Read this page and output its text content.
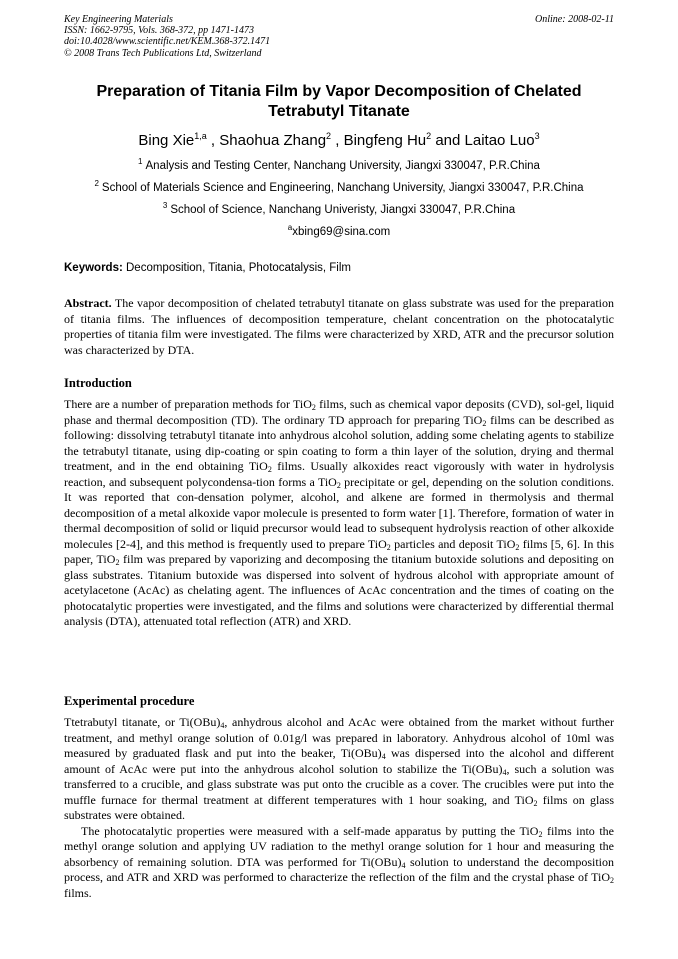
Key Engineering Materials
ISSN: 1662-9795, Vols. 368-372, pp 1471-1473
doi:10.4028/www.scientific.net/KEM.368-372.1471
© 2008 Trans Tech Publications Ltd, Switzerland
Online: 2008-02-11
Preparation of Titania Film by Vapor Decomposition of Chelated Tetrabutyl Titanate
Bing Xie$^{1,a}$ , Shaohua Zhang$^2$ , Bingfeng Hu$^2$ and Laitao Luo$^3$
$^1$ Analysis and Testing Center, Nanchang University, Jiangxi 330047, P.R.China
$^2$ School of Materials Science and Engineering, Nanchang University, Jiangxi 330047, P.R.China
$^3$ School of Science, Nanchang Univeristy, Jiangxi 330047, P.R.China
$^a$xbing69@sina.com
Keywords: Decomposition, Titania, Photocatalysis, Film

Abstract. The vapor decomposition of chelated tetrabutyl titanate on glass substrate was used for the preparation of titania films. The influences of decomposition temperature, chelant concentration on the photocatalytic properties of titania film were investigated. The films were characterized by XRD, ATR and the precursor solution was characterized by DTA.

Introduction

There are a number of preparation methods for TiO$_2$ films, such as chemical vapor deposits (CVD), sol-gel, liquid phase and thermal decomposition (TD). The ordinary TD approach for preparing TiO$_2$ films can be described as following: dissolving tetrabutyl titanate into anhydrous alcohol solution, adding some chelating agents to stabilize the tetrabutyl titanate, using dip-coating or spin coating to form a thin layer of the solution, drying and thermal treatment, and in the end obtaining TiO$_2$ films. Usually alkoxides react vigorously with water in hydrolysis reaction, and subsequent polycondensa-tion forms a TiO$_2$ precipitate or gel, depending on the solution conditions. It was reported that con-densation polymer, alcohol, and alkene are formed in thermolysis and thermal decomposition of a metal alkoxide vapor molecule is presented to form water [1]. Therefore, formation of water in thermal decomposition of solid or liquid precursor would lead to subsequent hydrolysis reaction of other alkoxide molecules [2-4], and this method is frequently used to prepare TiO$_2$ particles and deposit TiO$_2$ films [5, 6]. In this paper, TiO$_2$ film was prepared by vaporizing and decomposing the titanium butoxide solutions and depositing on glass substrates. Titanium butoxide was dispersed into solvent of hydrous alcohol with appropriate amount of acetylacetone (AcAc) as chelating agent. The influences of AcAc concentration and the times of coating on the photocatalytic properties were investigated, and the films and solutions were characterized by differential thermal analysis (DTA), attenuated total reflection (ATR) and XRD.

Experimental procedure

Ttetrabutyl titanate, or $Ti(OBu)_4$, anhydrous alcohol and AcAc were obtained from the market without further treatment, and methyl orange solution of 0.01g/l was prepared in laboratory. Anhydrous alcohol of 10ml was measured by graduated flask and put into the beaker, $Ti(OBu)_4$ was dispersed into the alcohol and different amount of AcAc were put into the anhydrous alcohol solution to stabilize the $Ti(OBu)_4$, such a solution was transferred to a crucible, and glass substrate was put onto the crucible as a cover. The crucibles were put into the muffle furnace for thermal treatment at different temperatures with 1 hour soaking, and TiO$_2$ films on glass substrates were obtained.

The photocatalytic properties were measured with a self-made apparatus by putting the TiO$_2$ films into the methyl orange solution and applying UV radiation to the methyl orange solution for 1 hour and measuring the absorbency of remaining solution. DTA was performed for $Ti(OBu)_4$ solution to understand the decomposition process, and ATR and XRD was performed to characterize the reflection of the film and the crystal phase of TiO$_2$ films.
